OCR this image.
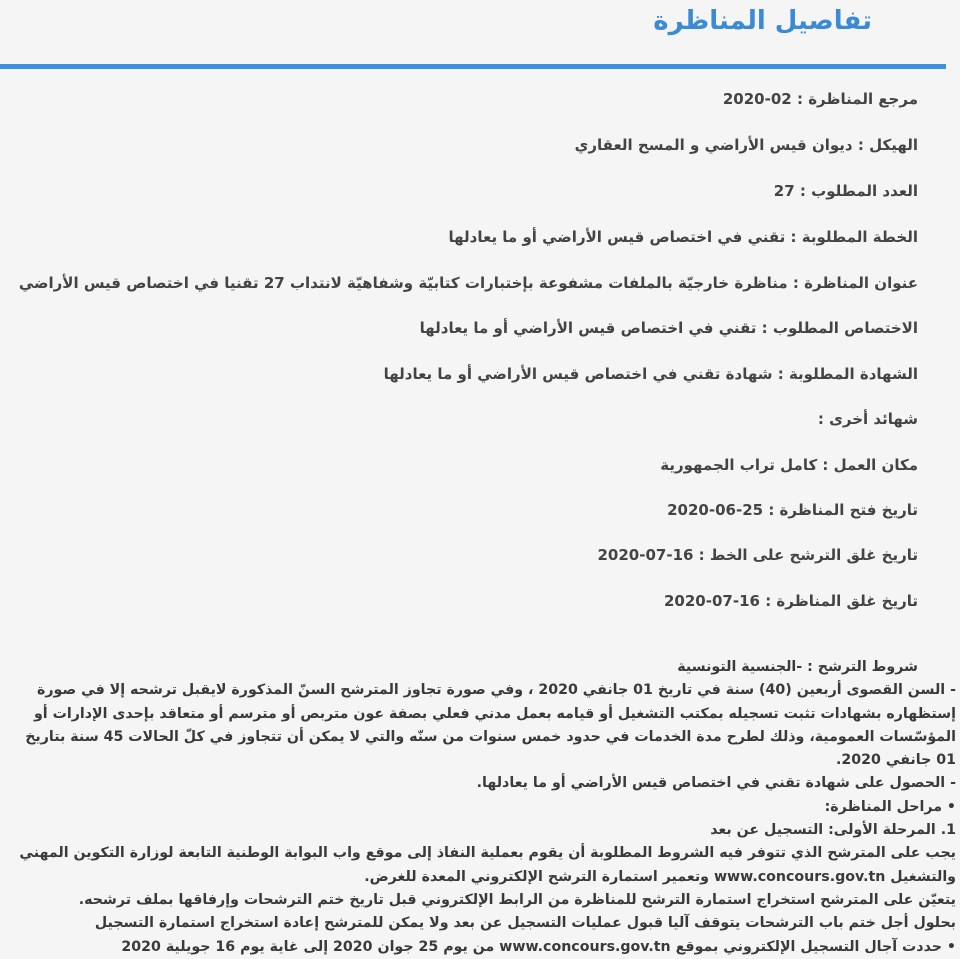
تفاصيل المناظرة

مرجع المناظرة : 02-2020

الهيكل : ديوان قيس الأراضي و المسح العقاري

العدد المطلوب : 27

الخطة المطلوبة : تقني في اختصاص قيس الأراضي أو ما يعادلها

عنوان المناظرة : مناظرة خارجيّة بالملفات مشفوعة بإختبارات كتابيّة وشفاهيّة لانتداب 27 تقنيا في اختصاص قيس الأراضي

الاختصاص المطلوب : تقني في اختصاص قيس الأراضي أو ما يعادلها

الشهادة المطلوبة : شهادة تقني في اختصاص قيس الأراضي أو ما يعادلها

شهائد أخرى :

مكان العمل : كامل تراب الجمهورية

تاريخ فتح المناظرة : 25-06-2020

تاريخ غلق الترشح على الخط : 16-07-2020

تاريخ غلق المناظرة : 16-07-2020

شروط الترشح : -الجنسية التونسية

- السن القصوى أربعين (40) سنة في تاريخ 01 جانفي 2020 ، وفي صورة تجاوز المترشح السنّ المذكورة لايقبل ترشحه إلا في صورة إستظهاره بشهادات تثبت تسجيله بمكتب التشغيل أو قيامه بعمل مدني فعلي بصفة عون متربص أو مترسم أو متعاقد بإحدى الإدارات أو المؤسّسات العمومية، وذلك لطرح مدة الخدمات في حدود خمس سنوات من سنّه والتي لا يمكن أن تتجاوز في كلّ الحالات 45 سنة بتاريخ 01 جانفي 2020.

- الحصول على شهادة تقني في اختصاص قيس الأراضي أو ما يعادلها.

• مراحل المناظرة:

1. المرحلة الأولى: التسجيل عن بعد

يجب على المترشح الذي تتوفر فيه الشروط المطلوبة أن يقوم بعملية النفاذ إلى موقع واب البوابة الوطنية التابعة لوزارة التكوين المهني والتشغيل www.concours.gov.tn وتعمير استمارة الترشح الإلكتروني المعدة للغرض.

يتعيّن على المترشح استخراج استمارة الترشح للمناظرة من الرابط الإلكتروني قبل تاريخ ختم الترشحات وإرفاقها بملف ترشحه.

بحلول أجل ختم باب الترشحات يتوقف آليا قبول عمليات التسجيل عن بعد ولا يمكن للمترشح إعادة استخراج استمارة التسجيل

• حددت آجال التسجيل الإلكتروني بموقع www.concours.gov.tn من يوم 25 جوان 2020 إلى غاية يوم 16 جويلية 2020
